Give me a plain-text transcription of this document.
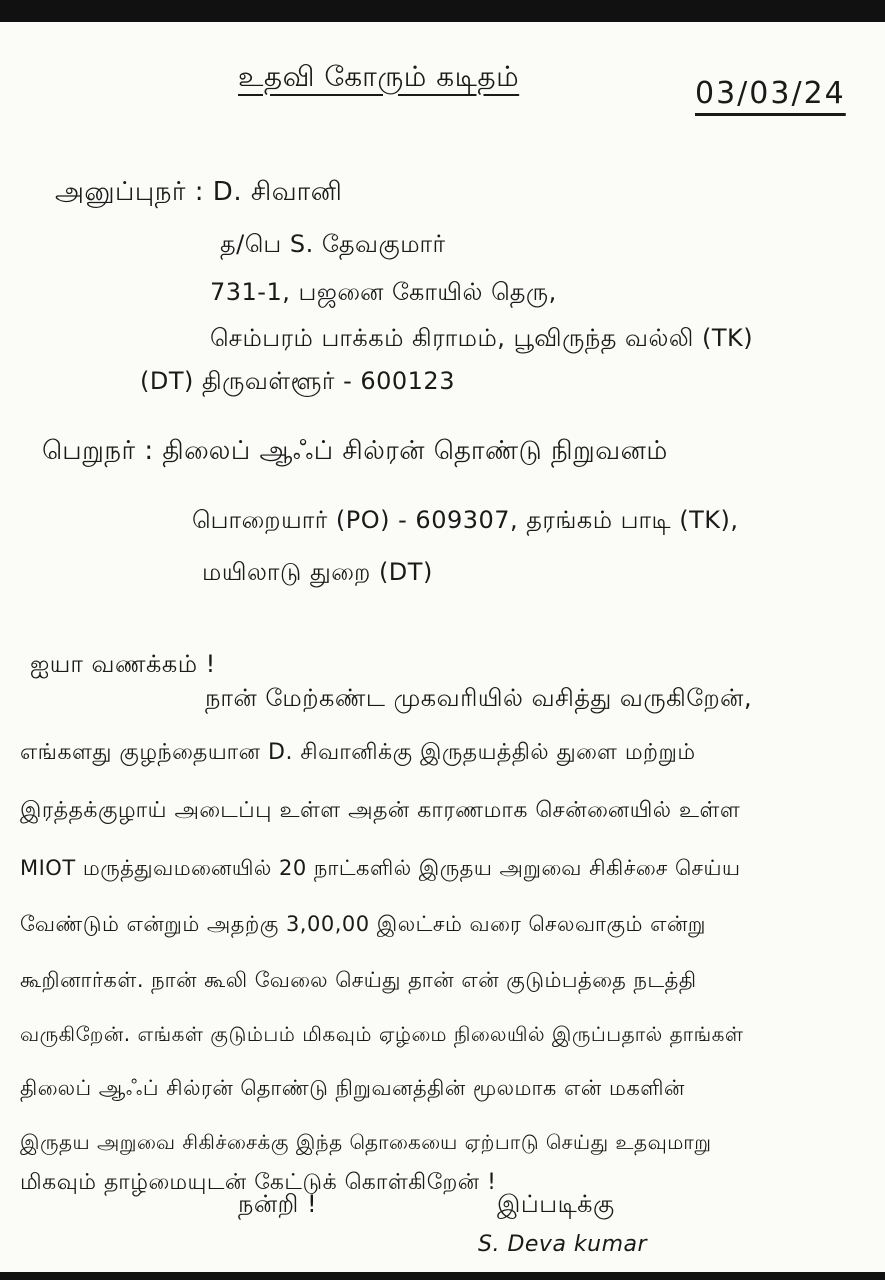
உதவி கோரும் கடிதம்	03/03/24
அனுப்புநர் : D. சிவானி
த/பெ S. தேவகுமார்
731-1, பஜனை கோயில் தெரு,
செம்பரம் பாக்கம் கிராமம், பூவிருந்த வல்லி (TK)
(DT) திருவள்ளூர் - 600123
பெறுநர் : திலைப் ஆஃப் சில்ரன் தொண்டு நிறுவனம்
பொறையார் (PO) - 609307, தரங்கம் பாடி (TK),
மயிலாடு துறை (DT)
ஐயா வணக்கம் !
நான் மேற்கண்ட முகவரியில் வசித்து வருகிறேன்,
எங்களது குழந்தையான D. சிவானிக்கு இருதயத்தில் துளை மற்றும்
இரத்தக்குழாய் அடைப்பு உள்ள அதன் காரணமாக சென்னையில் உள்ள
MIOT மருத்துவமனையில் 20 நாட்களில் இருதய அறுவை சிகிச்சை செய்ய
வேண்டும் என்றும் அதற்கு 3,00,00 இலட்சம் வரை செலவாகும் என்று
கூறினார்கள். நான் கூலி வேலை செய்து தான் என் குடும்பத்தை நடத்தி
வருகிறேன். எங்கள் குடும்பம் மிகவும் ஏழ்மை நிலையில் இருப்பதால் தாங்கள்
திலைப் ஆஃப் சில்ரன் தொண்டு நிறுவனத்தின் மூலமாக என் மகளின்
இருதய அறுவை சிகிச்சைக்கு இந்த தொகையை ஏற்பாடு செய்து உதவுமாறு
மிகவும் தாழ்மையுடன் கேட்டுக் கொள்கிறேன் !
நன்றி !	இப்படிக்கு
S. Deva kumar
